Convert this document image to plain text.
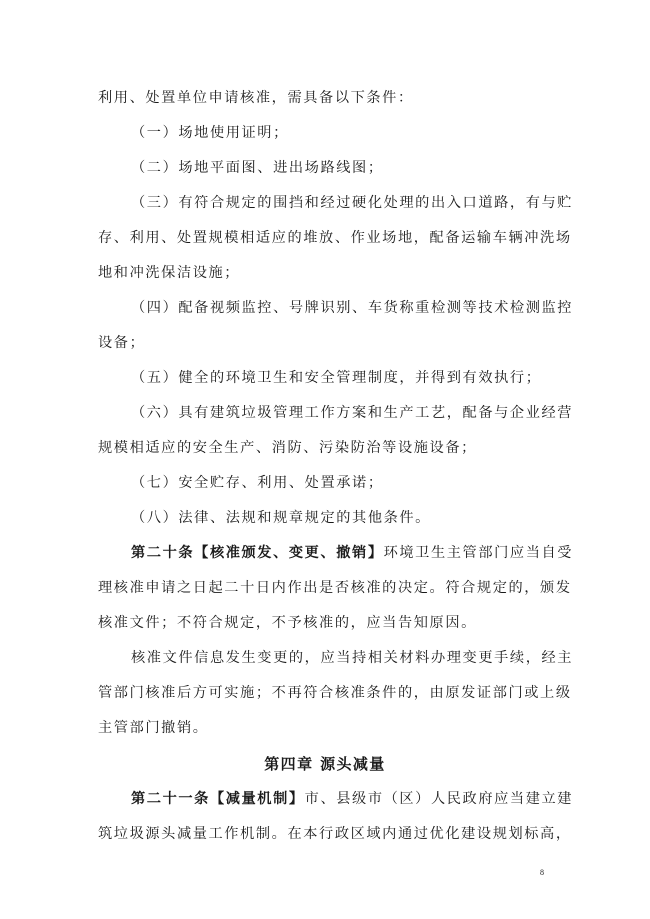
利用、处置单位申请核准，需具备以下条件：
（一）场地使用证明；
（二）场地平面图、进出场路线图；
（三）有符合规定的围挡和经过硬化处理的出入口道路，有与贮
存、利用、处置规模相适应的堆放、作业场地，配备运输车辆冲洗场
地和冲洗保洁设施；
（四）配备视频监控、号牌识别、车货称重检测等技术检测监控
设备；
（五）健全的环境卫生和安全管理制度，并得到有效执行；
（六）具有建筑垃圾管理工作方案和生产工艺，配备与企业经营
规模相适应的安全生产、消防、污染防治等设施设备；
（七）安全贮存、利用、处置承诺；
（八）法律、法规和规章规定的其他条件。
第二十条【核准颁发、变更、撤销】环境卫生主管部门应当自受
理核准申请之日起二十日内作出是否核准的决定。符合规定的，颁发
核准文件；不符合规定，不予核准的，应当告知原因。
核准文件信息发生变更的，应当持相关材料办理变更手续，经主
管部门核准后方可实施；不再符合核准条件的，由原发证部门或上级
主管部门撤销。
第四章 源头减量
第二十一条【减量机制】市、县级市（区）人民政府应当建立建
筑垃圾源头减量工作机制。在本行政区域内通过优化建设规划标高，
8
